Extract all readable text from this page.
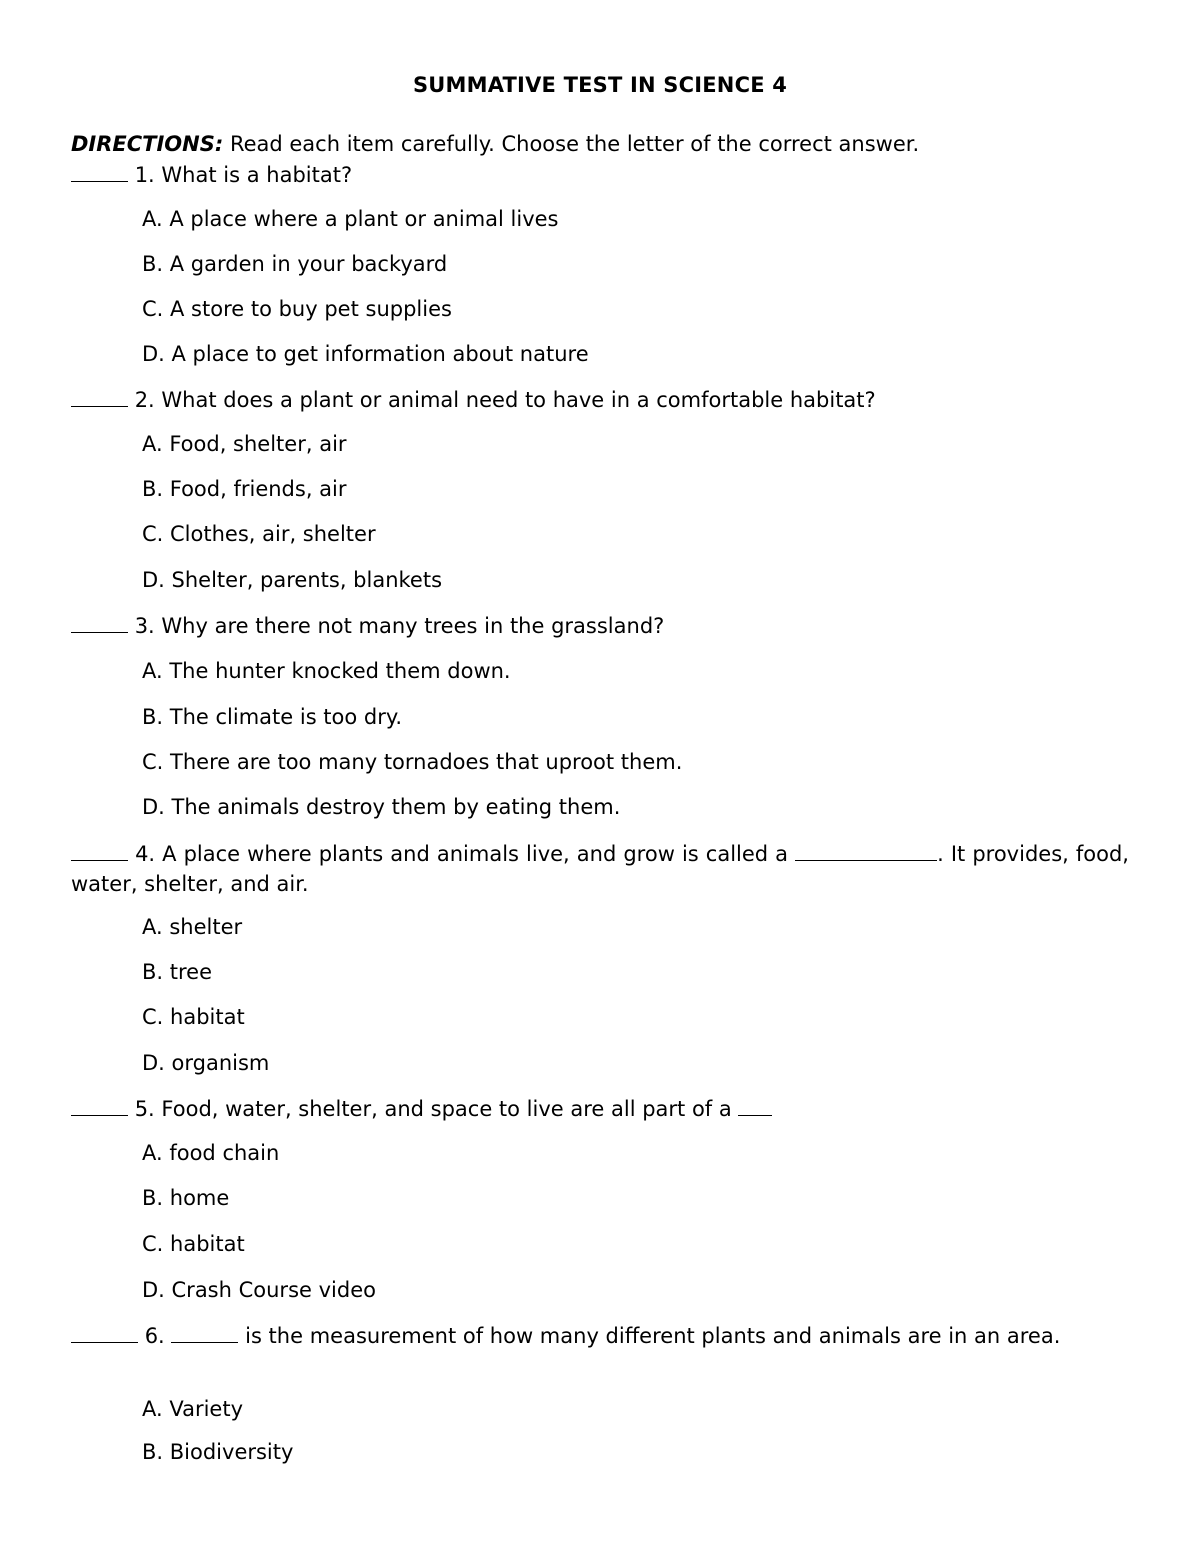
SUMMATIVE TEST IN SCIENCE 4
DIRECTIONS: Read each item carefully. Choose the letter of the correct answer.
1. What is a habitat?
A. A place where a plant or animal lives
B. A garden in your backyard
C. A store to buy pet supplies
D. A place to get information about nature
2. What does a plant or animal need to have in a comfortable habitat?
A. Food, shelter, air
B. Food, friends, air
C. Clothes, air, shelter
D. Shelter, parents, blankets
3. Why are there not many trees in the grassland?
A. The hunter knocked them down.
B. The climate is too dry.
C. There are too many tornadoes that uproot them.
D. The animals destroy them by eating them.
4. A place where plants and animals live, and grow is called a	. It provides, food, water, shelter, and air.
A. shelter
B. tree
C. habitat
D. organism
5. Food, water, shelter, and space to live are all part of a
A. food chain
B. home
C. habitat
D. Crash Course video
6.	is the measurement of how many different plants and animals are in an area.
A. Variety
B. Biodiversity
